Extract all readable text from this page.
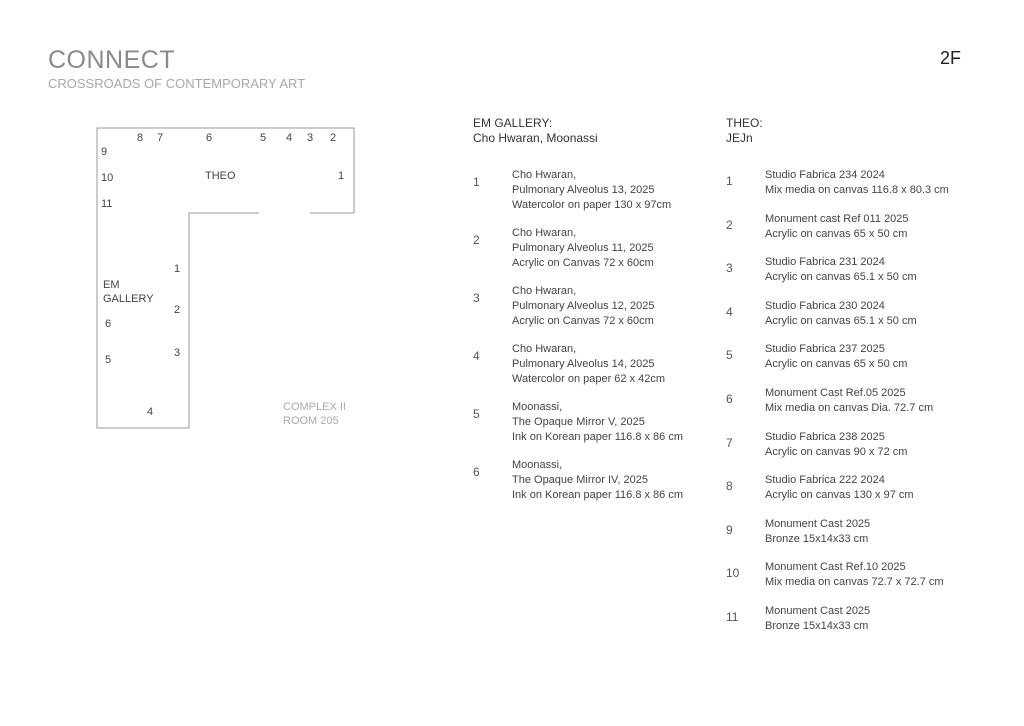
CONNECT
CROSSROADS OF CONTEMPORARY ART
2F
8 7	6	5 4 3 2
9
10
11
1
THEO
1
2
3
4
5
6
EM
GALLERY
COMPLEX II
ROOM 205
EM GALLERY:
Cho Hwaran, Moonassi
1	Cho Hwaran,
Pulmonary Alveolus 13, 2025
Watercolor on paper 130 x 97cm
2	Cho Hwaran,
Pulmonary Alveolus 11, 2025
Acrylic on Canvas 72 x 60cm
3	Cho Hwaran,
Pulmonary Alveolus 12, 2025
Acrylic on Canvas 72 x 60cm
4	Cho Hwaran,
Pulmonary Alveolus 14, 2025
Watercolor on paper 62 x 42cm
5	Moonassi,
The Opaque Mirror V, 2025
Ink on Korean paper 116.8 x 86 cm
6	Moonassi,
The Opaque Mirror IV, 2025
Ink on Korean paper 116.8 x 86 cm
THEO:
JEJn
1	Studio Fabrica 234 2024
Mix media on canvas 116.8 x 80.3 cm
2	Monument cast Ref 011 2025
Acrylic on canvas 65 x 50 cm
3	Studio Fabrica 231 2024
Acrylic on canvas 65.1 x 50 cm
4	Studio Fabrica 230 2024
Acrylic on canvas 65.1 x 50 cm
5	Studio Fabrica 237 2025
Acrylic on canvas 65 x 50 cm
6	Monument Cast Ref.05 2025
Mix media on canvas Dia. 72.7 cm
7	Studio Fabrica 238 2025
Acrylic on canvas 90 x 72 cm
8	Studio Fabrica 222 2024
Acrylic on canvas 130 x 97 cm
9	Monument Cast 2025
Bronze 15x14x33 cm
10 Monument Cast Ref.10 2025
Mix media on canvas 72.7 x 72.7 cm
11 Monument Cast 2025
Bronze 15x14x33 cm
